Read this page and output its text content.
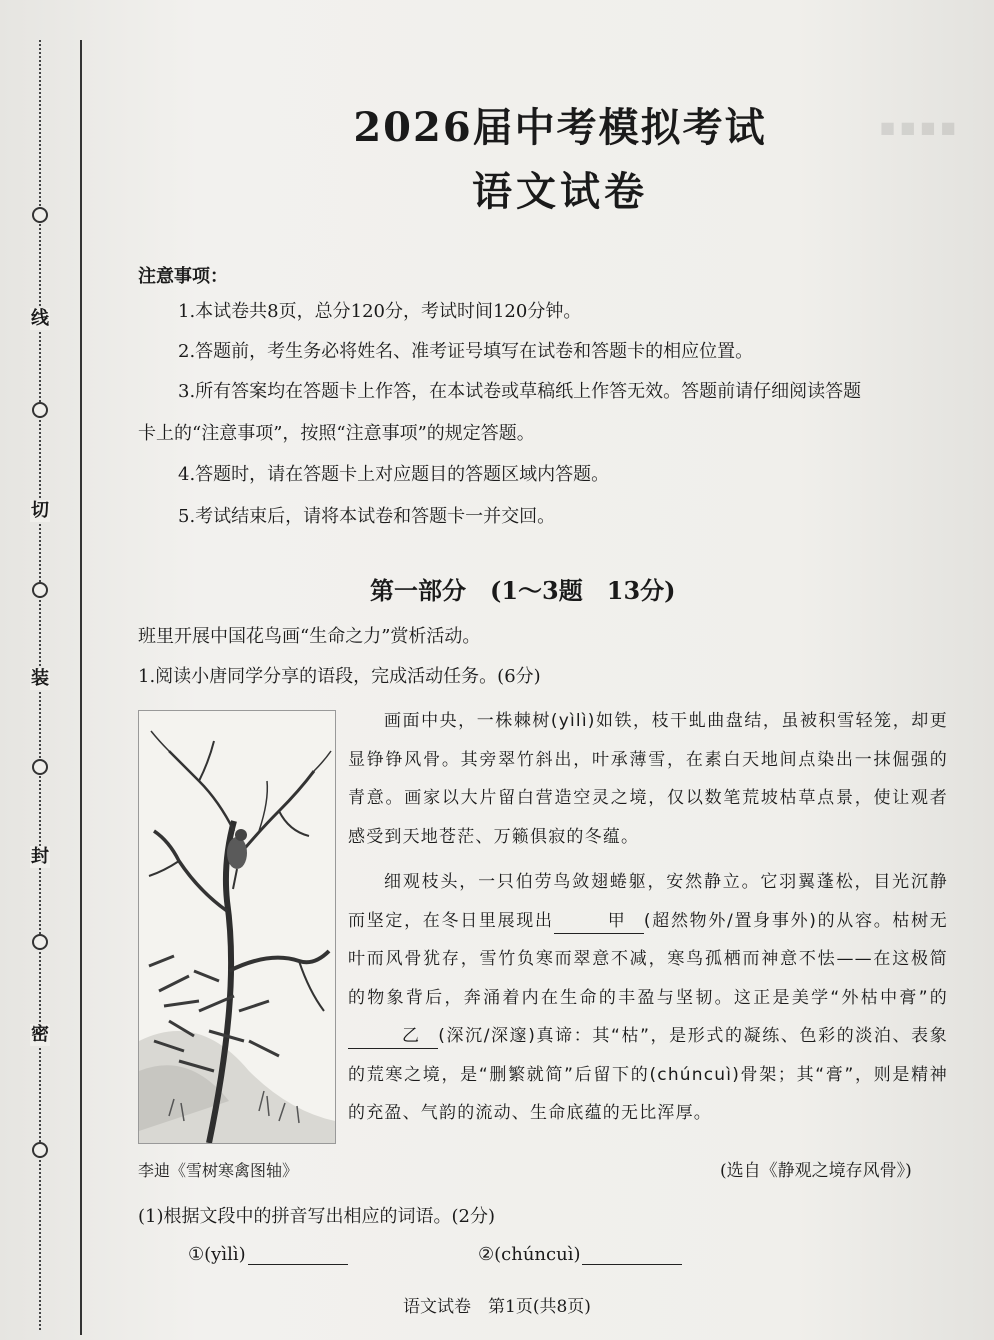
线
切
装
封
密
■ ■ ■ ■
2026届中考模拟考试
语文试卷
注意事项：
1.本试卷共8页，总分120分，考试时间120分钟。
2.答题前，考生务必将姓名、准考证号填写在试卷和答题卡的相应位置。
3.所有答案均在答题卡上作答，在本试卷或草稿纸上作答无效。答题前请仔细阅读答题
卡上的“注意事项”，按照“注意事项”的规定答题。
4.答题时，请在答题卡上对应题目的答题区域内答题。
5.考试结束后，请将本试卷和答题卡一并交回。
第一部分　(1～3题　13分)
班里开展中国花鸟画“生命之力”赏析活动。
1.阅读小唐同学分享的语段，完成活动任务。(6分)
李迪《雪树寒禽图轴》

画面中央，一株棘树(yìlì)如铁，枝干虬曲盘结，虽被积雪轻笼，却更显铮铮风骨。其旁翠竹斜出，叶承薄雪，在素白天地间点染出一抹倔强的青意。画家以大片留白营造空灵之境，仅以数笔荒坡枯草点景，使让观者感受到天地苍茫、万籁俱寂的冬蕴。

细观枝头，一只伯劳鸟敛翅蜷躯，安然静立。它羽翼蓬松，目光沉静而坚定，在冬日里展现出	甲 (超然物外/置身事外)的从容。枯树无叶而风骨犹存，雪竹负寒而翠意不减，寒鸟孤栖而神意不怯——在这极简的物象背后，奔涌着内在生命的丰盈与坚韧。这正是美学“外枯中膏”的乙 (深沉/深邃)真谛：其“枯”，是形式的凝练、色彩的淡泊、表象的荒寒之境，是“删繁就简”后留下的(chúncuì)骨架；其“膏”，则是精神的充盈、气韵的流动、生命底蕴的无比浑厚。

(选自《静观之境存风骨》)
(1)根据文段中的拼音写出相应的词语。(2分)
①(yìlì)	②(chúncuì)
语文试卷　第1页(共8页)
